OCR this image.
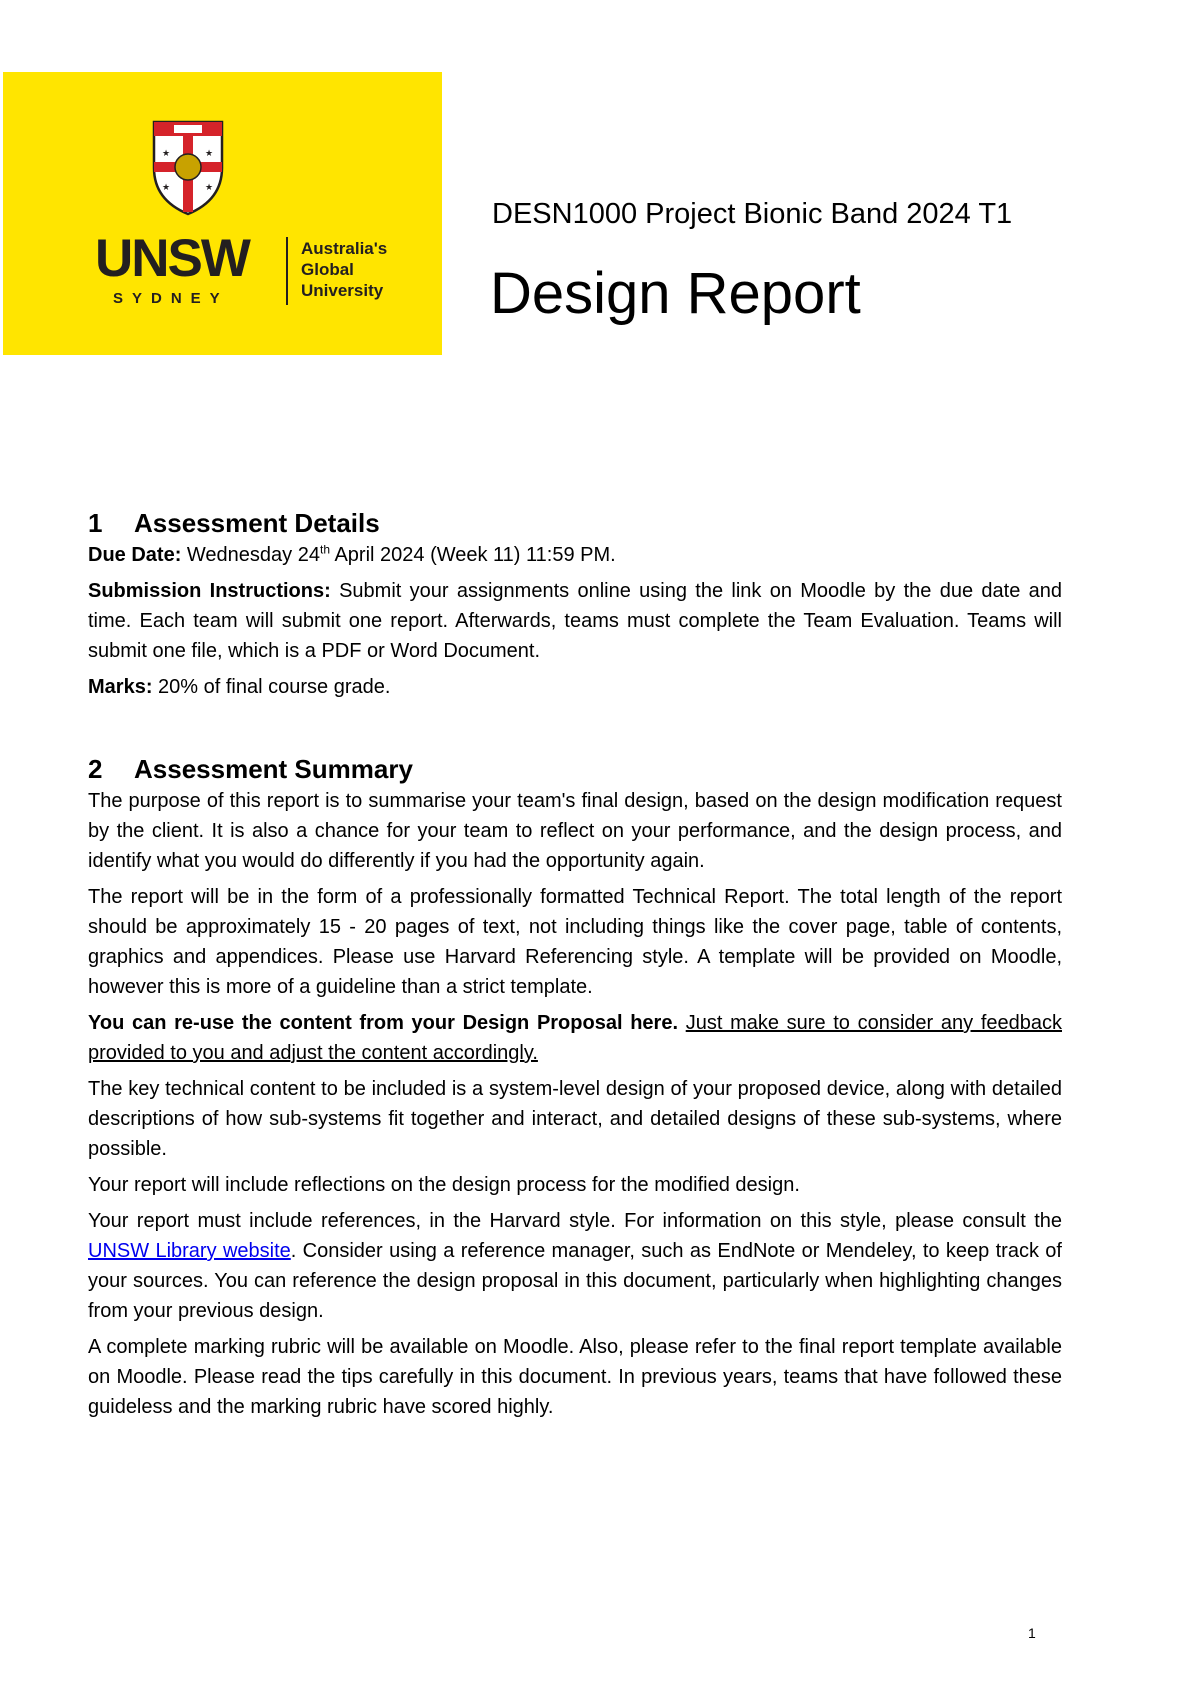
★	★
★	★
UNSW
SYDNEY
Australia's
Global
University
DESN1000 Project Bionic Band 2024 T1
Design Report
1 Assessment Details

Due Date: Wednesday 24th April 2024 (Week 11) 11:59 PM.

Submission Instructions: Submit your assignments online using the link on Moodle by the due date and time. Each team will submit one report. Afterwards, teams must complete the Team Evaluation. Teams will submit one file, which is a PDF or Word Document.

Marks: 20% of final course grade.

2 Assessment Summary

The purpose of this report is to summarise your team's final design, based on the design modification request by the client. It is also a chance for your team to reflect on your performance, and the design process, and identify what you would do differently if you had the opportunity again.

The report will be in the form of a professionally formatted Technical Report. The total length of the report should be approximately 15 - 20 pages of text, not including things like the cover page, table of contents, graphics and appendices. Please use Harvard Referencing style. A template will be provided on Moodle, however this is more of a guideline than a strict template.

You can re-use the content from your Design Proposal here. Just make sure to consider any feedback provided to you and adjust the content accordingly.

The key technical content to be included is a system-level design of your proposed device, along with detailed descriptions of how sub-systems fit together and interact, and detailed designs of these sub-systems, where possible.

Your report will include reflections on the design process for the modified design.

Your report must include references, in the Harvard style. For information on this style, please consult the UNSW Library website. Consider using a reference manager, such as EndNote or Mendeley, to keep track of your sources. You can reference the design proposal in this document, particularly when highlighting changes from your previous design.

A complete marking rubric will be available on Moodle. Also, please refer to the final report template available on Moodle. Please read the tips carefully in this document. In previous years, teams that have followed these guideless and the marking rubric have scored highly.

1
